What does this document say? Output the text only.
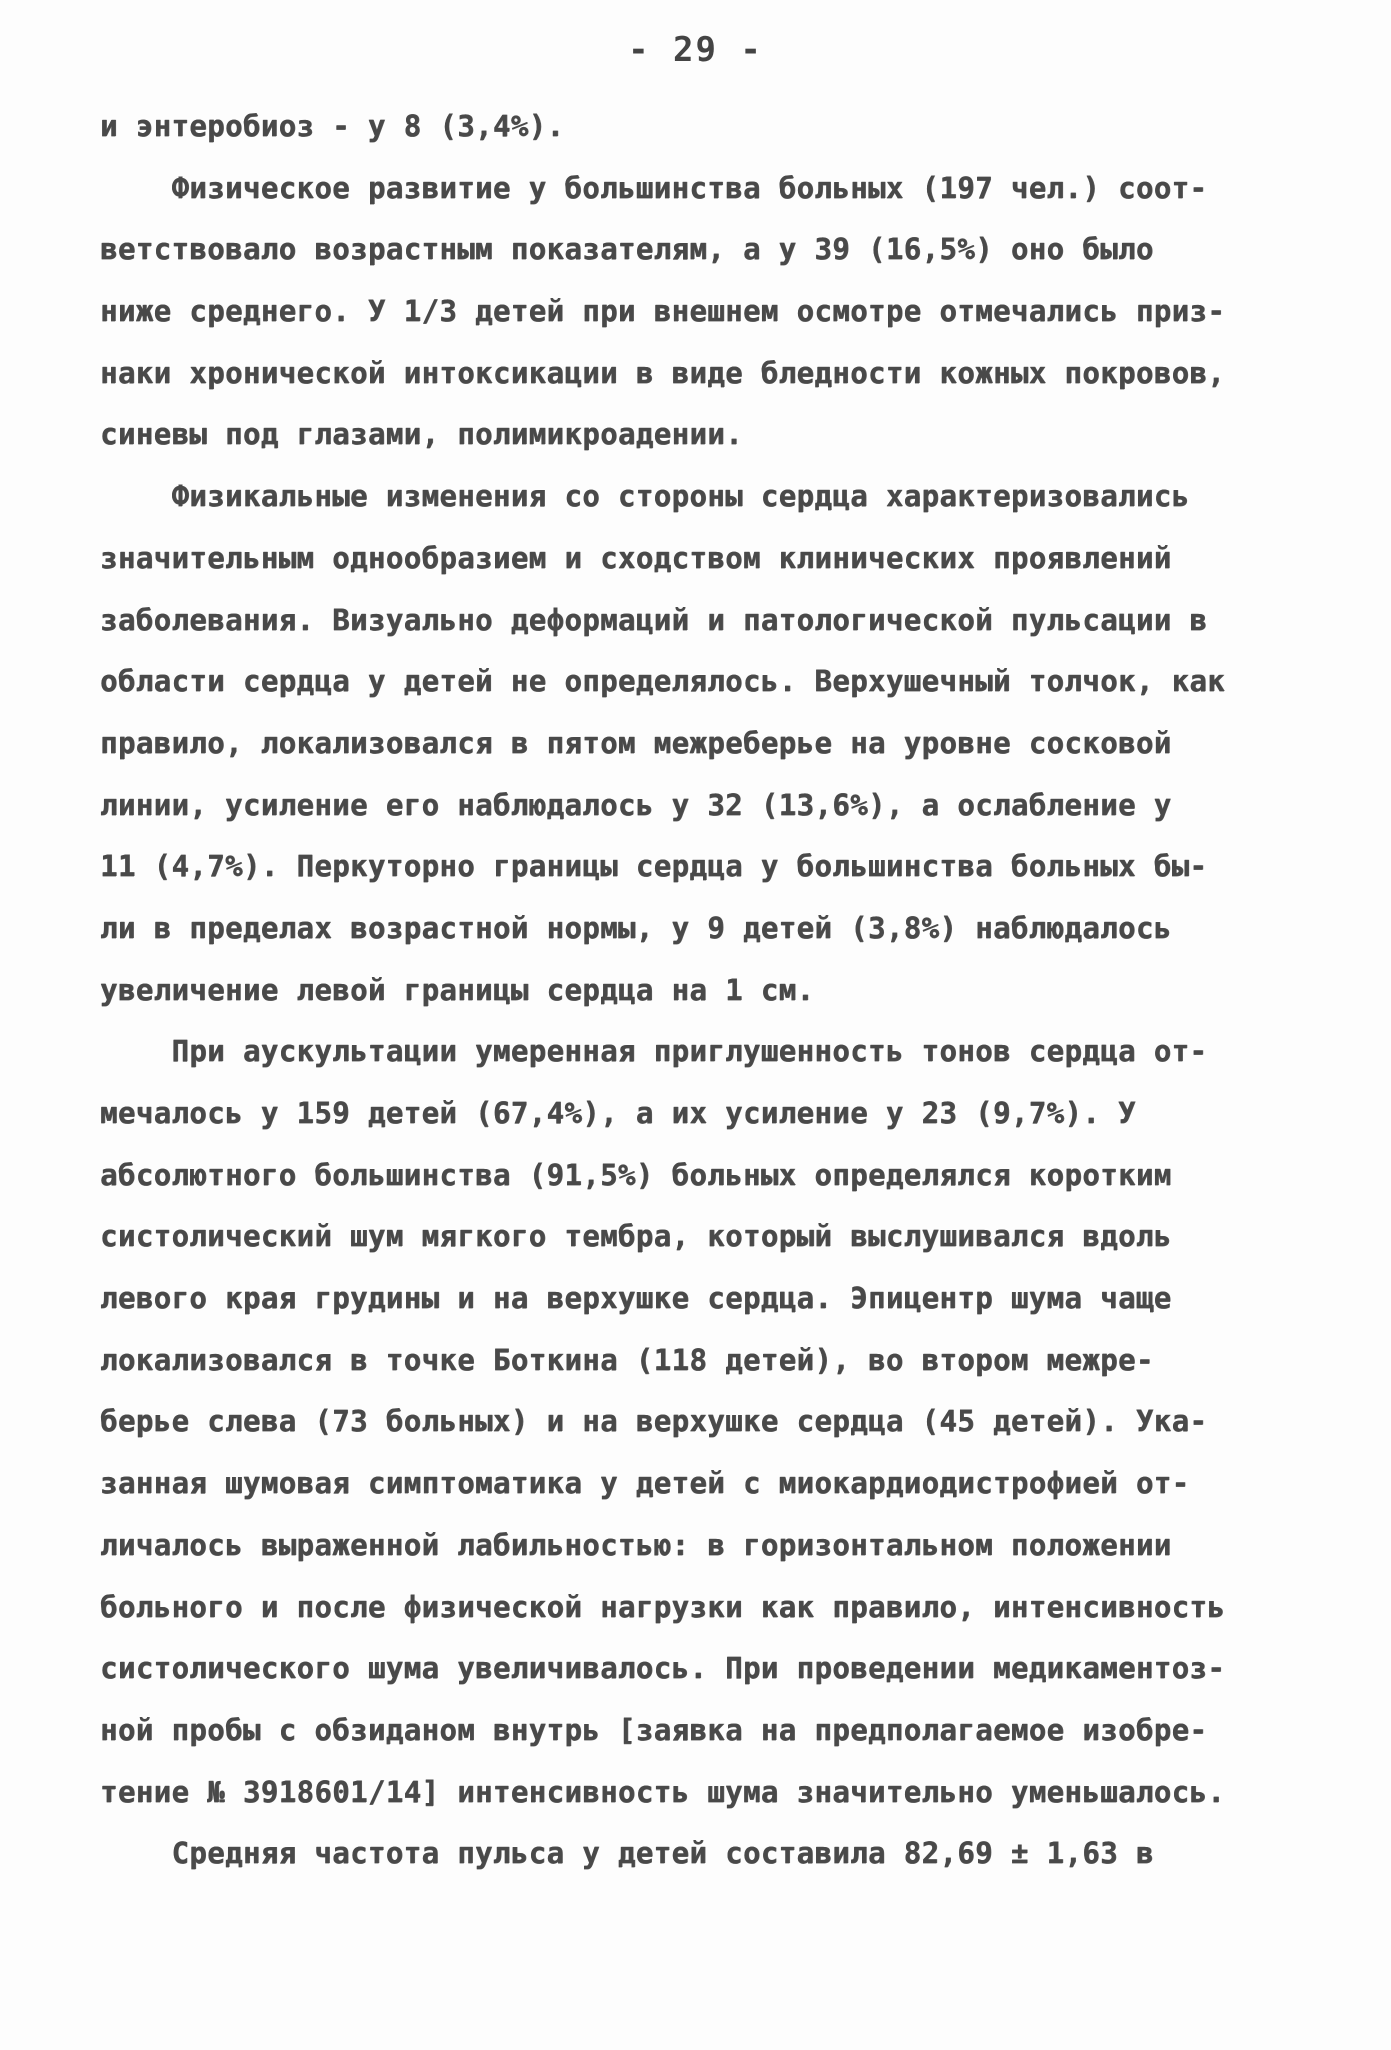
- 29 -
и энтеробиоз - у 8 (3,4%).
Физическое развитие у большинства больных (197 чел.) соот-
ветствовало возрастным показателям, а у 39 (16,5%) оно было
ниже среднего. У 1/3 детей при внешнем осмотре отмечались приз-
наки хронической интоксикации в виде бледности кожных покровов,
синевы под глазами, полимикроадении.
Физикальные изменения со стороны сердца характеризовались
значительным однообразием и сходством клинических проявлений
заболевания. Визуально деформаций и патологической пульсации в
области сердца у детей не определялось. Верхушечный толчок, как
правило, локализовался в пятом межреберье на уровне сосковой
линии, усиление его наблюдалось у 32 (13,6%), а ослабление у
11 (4,7%). Перкуторно границы сердца у большинства больных бы-
ли в пределах возрастной нормы, у 9 детей (3,8%) наблюдалось
увеличение левой границы сердца на 1 см.
При аускультации умеренная приглушенность тонов сердца от-
мечалось у 159 детей (67,4%), а их усиление у 23 (9,7%). У
абсолютного большинства (91,5%) больных определялся коротким
систолический шум мягкого тембра, который выслушивался вдоль
левого края грудины и на верхушке сердца. Эпицентр шума чаще
локализовался в точке Боткина (118 детей), во втором межре-
берье слева (73 больных) и на верхушке сердца (45 детей). Ука-
занная шумовая симптоматика у детей с миокардиодистрофией от-
личалось выраженной лабильностью: в горизонтальном положении
больного и после физической нагрузки как правило, интенсивность
систолического шума увеличивалось. При проведении медикаментоз-
ной пробы с обзиданом внутрь [заявка на предполагаемое изобре-
тение № 3918601/14] интенсивность шума значительно уменьшалось.
Средняя частота пульса у детей составила 82,69 ± 1,63 в
